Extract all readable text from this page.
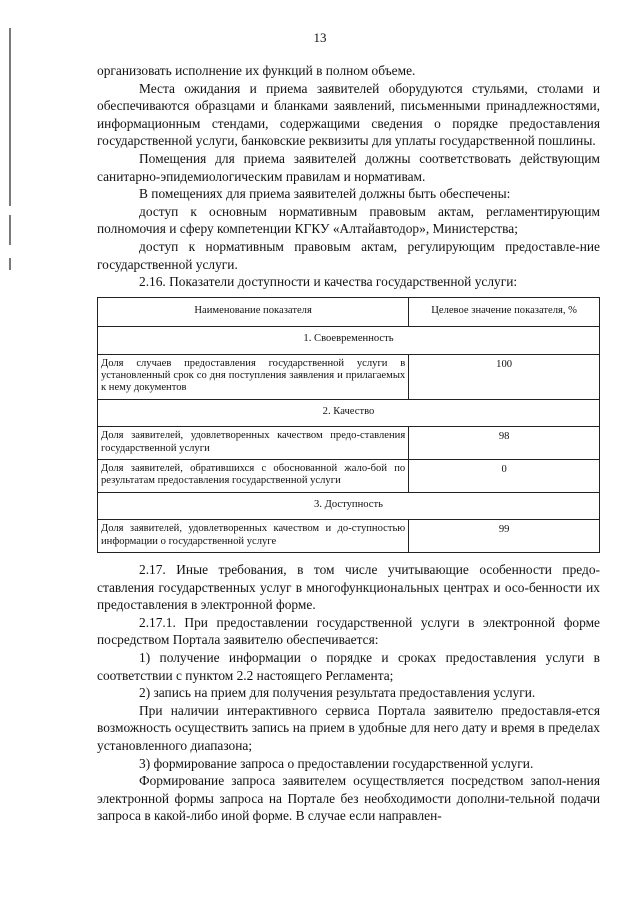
13

организовать исполнение их функций в полном объеме.

Места ожидания и приема заявителей оборудуются стульями, столами и обеспечиваются образцами и бланками заявлений, письменными принадлежностями, информационным стендами, содержащими сведения о порядке предоставления государственной услуги, банковские реквизиты для уплаты государственной пошлины.

Помещения для приема заявителей должны соответствовать действующим санитарно-эпидемиологическим правилам и нормативам.

В помещениях для приема заявителей должны быть обеспечены:

доступ к основным нормативным правовым актам, регламентирующим полномочия и сферу компетенции КГКУ «Алтайавтодор», Министерства;

доступ к нормативным правовым актам, регулирующим предоставле-ние государственной услуги.

2.16. Показатели доступности и качества государственной услуги:

Наименование показателя	Целевое значение показателя, %
1. Своевременность	
Доля случаев предоставления государственной услуги в установленный срок со дня поступления заявления и прилагаемых к нему документов	100
2. Качество	
Доля заявителей, удовлетворенных качеством предо-ставления государственной услуги	98
Доля заявителей, обратившихся с обоснованной жало-бой по результатам предоставления государственной услуги	0
3. Доступность	
Доля заявителей, удовлетворенных качеством и до-ступностью информации о государственной услуге	99

2.17. Иные требования, в том числе учитывающие особенности предо-ставления государственных услуг в многофункциональных центрах и осо-бенности их предоставления в электронной форме.

2.17.1. При предоставлении государственной услуги в электронной форме посредством Портала заявителю обеспечивается:

1) получение информации о порядке и сроках предоставления услуги в соответствии с пунктом 2.2 настоящего Регламента;

2) запись на прием для получения результата предоставления услуги.

При наличии интерактивного сервиса Портала заявителю предоставля-ется возможность осуществить запись на прием в удобные для него дату и время в пределах установленного диапазона;

3) формирование запроса о предоставлении государственной услуги.

Формирование запроса заявителем осуществляется посредством запол-нения электронной формы запроса на Портале без необходимости дополни-тельной подачи запроса в какой-либо иной форме. В случае если направлен-
